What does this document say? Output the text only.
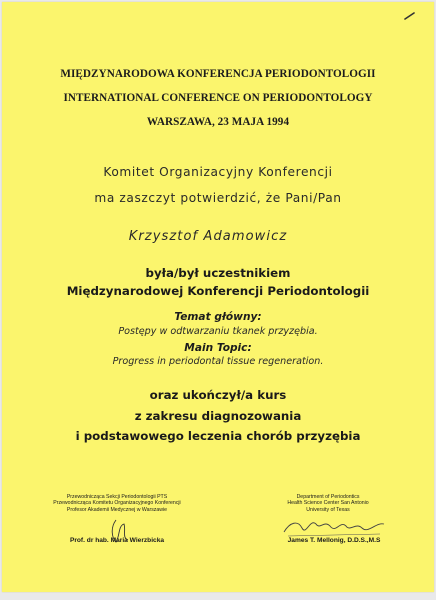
MIĘDZYNARODOWA KONFERENCJA PERIODONTOLOGII
INTERNATIONAL CONFERENCE ON PERIODONTOLOGY
WARSZAWA, 23 MAJA 1994
Komitet Organizacyjny Konferencji
ma zaszczyt potwierdzić, że Pani/Pan
Krzysztof Adamowicz
była/był uczestnikiem
Międzynarodowej Konferencji Periodontologii
Temat główny:
Postępy w odtwarzaniu tkanek przyzębia.
Main Topic:
Progress in periodontal tissue regeneration.
oraz ukończył/a kurs
z zakresu diagnozowania
i podstawowego leczenia chorób przyzębia
Przewodnicząca Sekcji Periodontologii PTS
Przewodnicząca Komitetu Organizacyjnego Konferencji
Profesor Akademii Medycznej w Warszawie
Prof. dr hab. Maria Wierzbicka
Department of Periodontics
Health Science Center San Antonio
University of Texas
James T. Mellonig, D.D.S.,M.S
